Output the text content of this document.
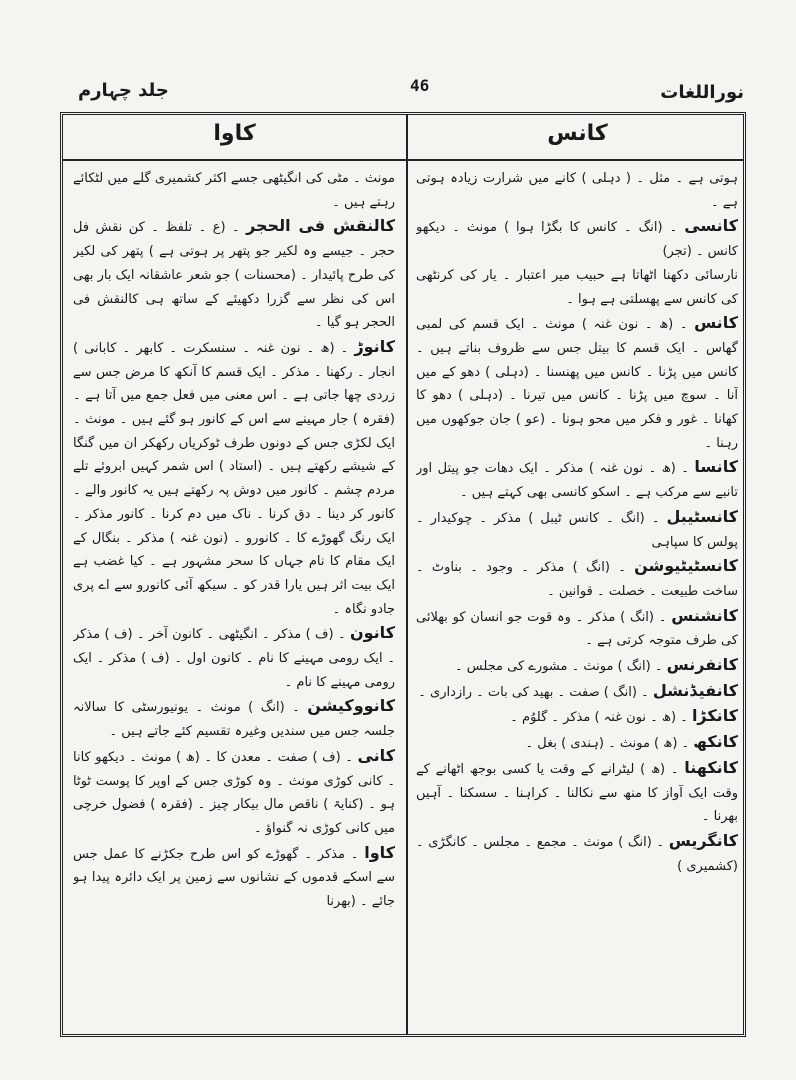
جلد چہارم	46	نوراللغات
کاوا	کانس

مونث ۔ مٹی کی انگیٹھی جسے اکثر کشمیری گلے میں لٹکائے رہتے ہیں ۔

کالنقش فی الحجر ۔ (ع ۔ تلفظ ۔ کن نقش فل حجر ۔ جیسے وہ لکیر جو پتھر پر ہوتی ہے ) پتھر کی لکیر کی طرح پائیدار ۔ (محسنات ) جو شعر عاشقانہ ایک بار بھی اس کی نظر سے گزرا دکھیئے کے ساتھ ہی کالنقش فی الحجر ہو گیا ۔

کانوڑ ۔ (ھ ۔ نون غنہ ۔ سنسکرت ۔ کابھر ۔ کابانی ) انجار ۔ رکھنا ۔ مذکر ۔ ایک قسم کا آنکھ کا مرض جس سے زردی چھا جاتی ہے ۔ اس معنی میں فعل جمع میں آتا ہے ۔ (فقرہ ) جار مہینے سے اس کے کانور ہو گئے ہیں ۔ مونث ۔ ایک لکڑی جس کے دونوں طرف ٹوکریاں رکھکر ان میں گنگا کے شیشے رکھتے ہیں ۔ (استاد ) اس شمر کہیں ابروئے تلے مردم چشم ۔ کانور میں دوش پہ رکھتے ہیں یہ کانور والے ۔ کانور کر دینا ۔ دق کرنا ۔ ناک میں دم کرنا ۔ کانور مذکر ۔ ایک رنگ گھوڑے کا ۔ کانورو ۔ (نون غنہ ) مذکر ۔ بنگال کے ایک مقام کا نام جہاں کا سحر مشہور ہے ۔ کیا غضب ہے ایک بیت اثر ہیں یارا قدر کو ۔ سیکھ آئی کانورو سے اے پری جادو نگاہ ۔

کانون ۔ (ف ) مذکر ۔ انگیٹھی ۔ کانون آخر ۔ (ف ) مذکر ۔ ایک رومی مہینے کا نام ۔ کانون اول ۔ (ف ) مذکر ۔ ایک رومی مہینے کا نام ۔

کانووکیشن ۔ (انگ ) مونث ۔ یونیورسٹی کا سالانہ جلسہ جس میں سندیں وغیرہ تقسیم کئے جاتے ہیں ۔

کانی ۔ (ف ) صفت ۔ معدن کا ۔ (ھ ) مونث ۔ دیکھو کانا ۔ کانی کوڑی مونث ۔ وہ کوڑی جس کے اوپر کا پوست ٹوٹا ہو ۔ (کنایۃ ) ناقص مال بیکار چیز ۔ (فقرہ ) فضول خرچی میں کانی کوڑی نہ گنواؤ ۔

کاوا ۔ مذکر ۔ گھوڑے کو اس طرح جکڑنے کا عمل جس سے اسکے قدموں کے نشانوں سے زمین پر ایک دائرہ پیدا ہو جائے ۔ (بھرنا

ہوتی ہے ۔ مثل ۔ ( دہلی ) کانے میں شرارت زیادہ ہوتی ہے ۔

کانسی ۔ (انگ ۔ کانس کا بگڑا ہوا ) مونث ۔ دیکھو کانس ۔ (تجر)

نارسائی دکھنا اٹھاتا ہے حبیب میر اعتبار ۔ یار کی کرنٹھی کی کانس سے پھسلتی ہے ہوا ۔

کانس ۔ (ھ ۔ نون غنہ ) مونث ۔ ایک قسم کی لمبی گھاس ۔ ایک قسم کا بیتل جس سے ظروف بناتے ہیں ۔ کانس میں پڑنا ۔ کانس میں پھنسنا ۔ (دہلی ) دھو کے میں آنا ۔ سوچ میں پڑنا ۔ کانس میں تیرنا ۔ (دہلی ) دھو کا کھانا ۔ غور و فکر میں محو ہونا ۔ (عو ) جان جوکھوں میں رہنا ۔

کانسا ۔ (ھ ۔ نون غنہ ) مذکر ۔ ایک دھات جو پیتل اور تانبے سے مرکب ہے ۔ اسکو کانسی بھی کہتے ہیں ۔

کانسٹیبل ۔ (انگ ۔ کانس ٹیبل ) مذکر ۔ چوکیدار ۔ پولس کا سپاہی

کانسٹیٹیوشن ۔ (انگ ) مذکر ۔ وجود ۔ بناوٹ ۔ ساخت طبیعت ۔ خصلت ۔ قوانین ۔

کانشنس ۔ (انگ ) مذکر ۔ وہ قوت جو انسان کو بھلائی کی طرف متوجہ کرتی ہے ۔

کانفرنس ۔ (انگ ) مونث ۔ مشورے کی مجلس ۔

کانفیڈنشل ۔ (انگ ) صفت ۔ بھید کی بات ۔ رازداری ۔

کانکڑا ۔ (ھ ۔ نون غنہ ) مذکر ۔ گلوُم ۔

کانکھ ۔ (ھ ) مونث ۔ (ہندی ) بغل ۔

کانکھنا ۔ (ھ ) لیٹرانے کے وقت یا کسی بوجھ اٹھانے کے وقت ایک آواز کا منھ سے نکالنا ۔ کراہنا ۔ سسکنا ۔ آہیں بھرنا ۔

کانگریس ۔ (انگ ) مونث ۔ مجمع ۔ مجلس ۔ کانگڑی ۔ (کشمیری )
